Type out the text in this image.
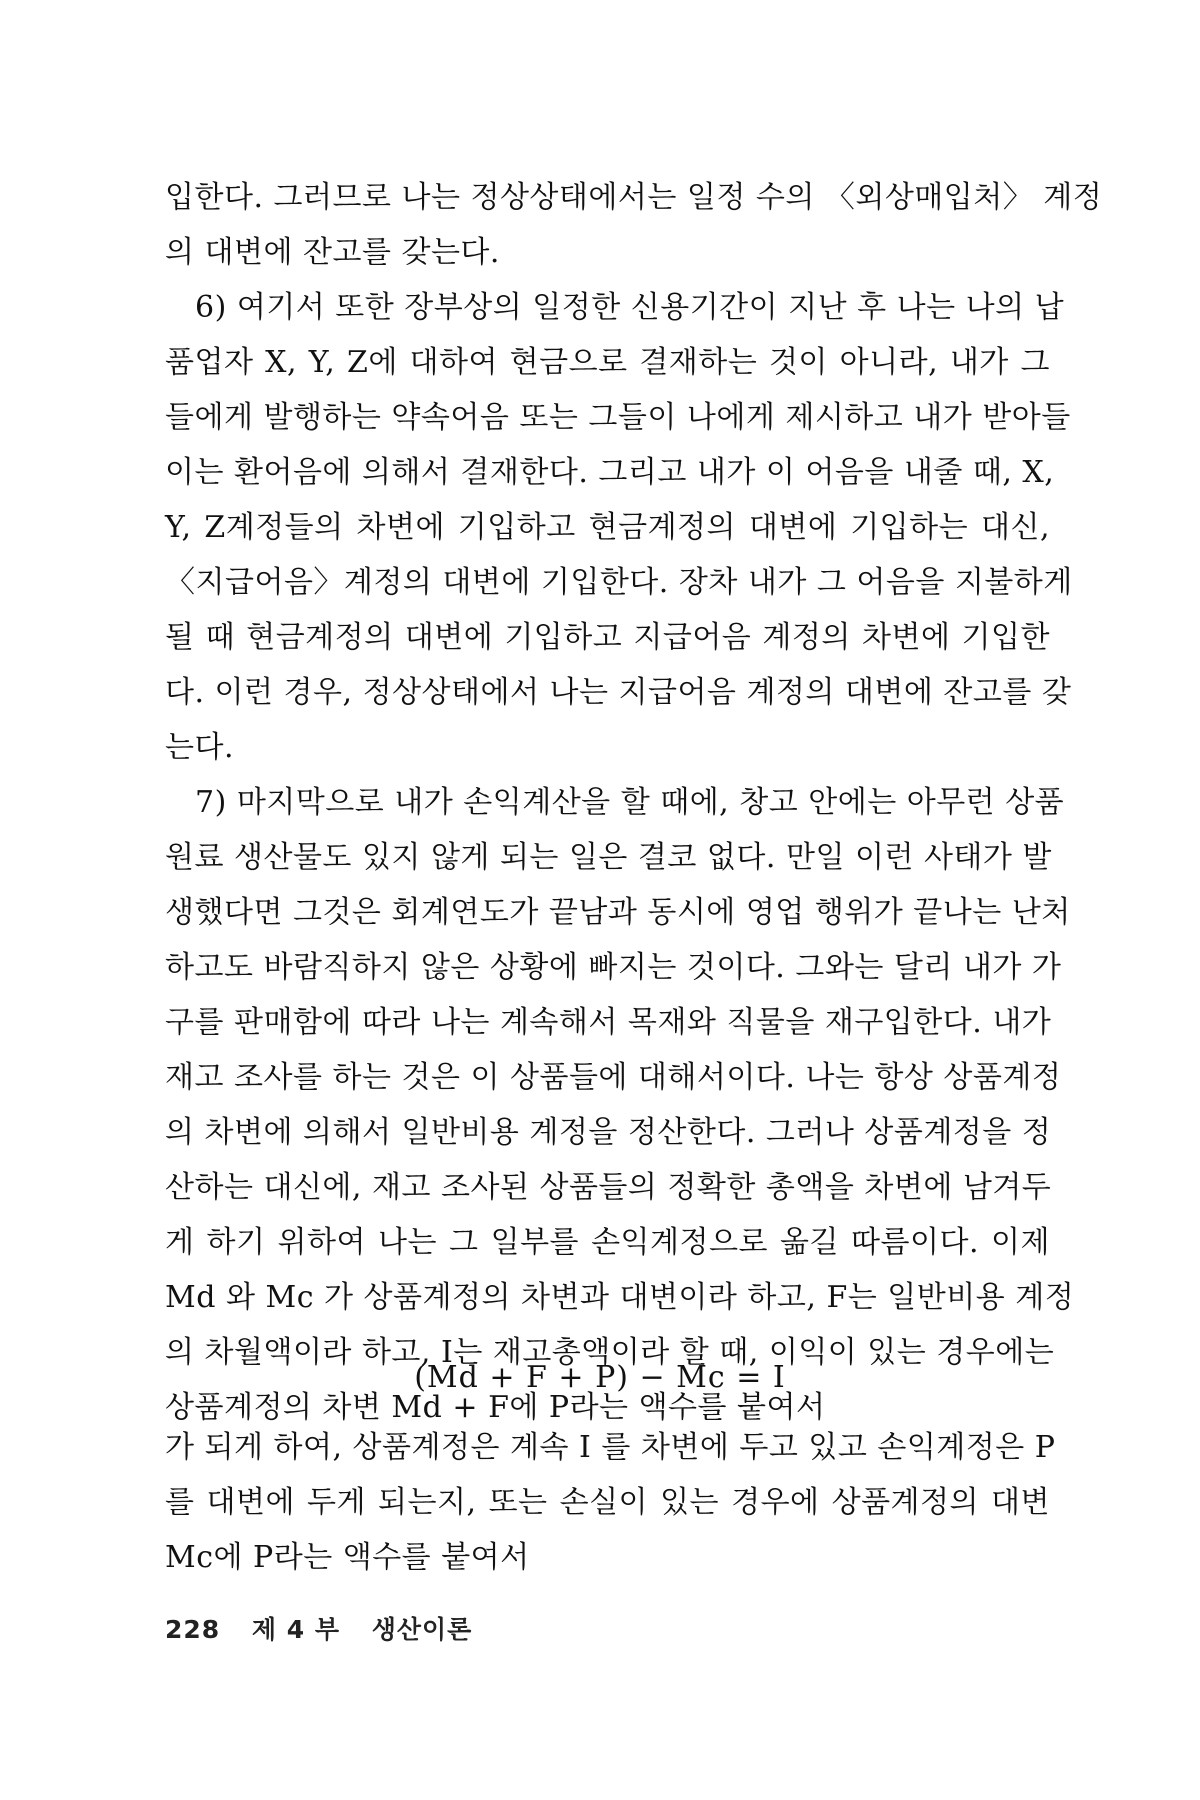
입한다. 그러므로 나는 정상상태에서는 일정 수의 〈외상매입처〉 계정
의 대변에 잔고를 갖는다.
6) 여기서 또한 장부상의 일정한 신용기간이 지난 후 나는 나의 납
품업자 X, Y, Z에 대하여 현금으로 결재하는 것이 아니라, 내가 그
들에게 발행하는 약속어음 또는 그들이 나에게 제시하고 내가 받아들
이는 환어음에 의해서 결재한다. 그리고 내가 이 어음을 내줄 때, X,
Y, Z계정들의 차변에 기입하고 현금계정의 대변에 기입하는 대신,
〈지급어음〉계정의 대변에 기입한다. 장차 내가 그 어음을 지불하게
될 때 현금계정의 대변에 기입하고 지급어음 계정의 차변에 기입한
다. 이런 경우, 정상상태에서 나는 지급어음 계정의 대변에 잔고를 갖
는다.
7) 마지막으로 내가 손익계산을 할 때에, 창고 안에는 아무런 상품
원료 생산물도 있지 않게 되는 일은 결코 없다. 만일 이런 사태가 발
생했다면 그것은 회계연도가 끝남과 동시에 영업 행위가 끝나는 난처
하고도 바람직하지 않은 상황에 빠지는 것이다. 그와는 달리 내가 가
구를 판매함에 따라 나는 계속해서 목재와 직물을 재구입한다. 내가
재고 조사를 하는 것은 이 상품들에 대해서이다. 나는 항상 상품계정
의 차변에 의해서 일반비용 계정을 정산한다. 그러나 상품계정을 정
산하는 대신에, 재고 조사된 상품들의 정확한 총액을 차변에 남겨두
게 하기 위하여 나는 그 일부를 손익계정으로 옮길 따름이다. 이제
Md 와 Mc 가 상품계정의 차변과 대변이라 하고, F는 일반비용 계정
의 차월액이라 하고, I는 재고총액이라 할 때, 이익이 있는 경우에는
상품계정의 차변 Md + F에 P라는 액수를 붙여서
(Md + F + P) − Mc = I
가 되게 하여, 상품계정은 계속 I 를 차변에 두고 있고 손익계정은 P
를 대변에 두게 되는지, 또는 손실이 있는 경우에 상품계정의 대변
Mc에 P라는 액수를 붙여서
228 제 4 부 생산이론
